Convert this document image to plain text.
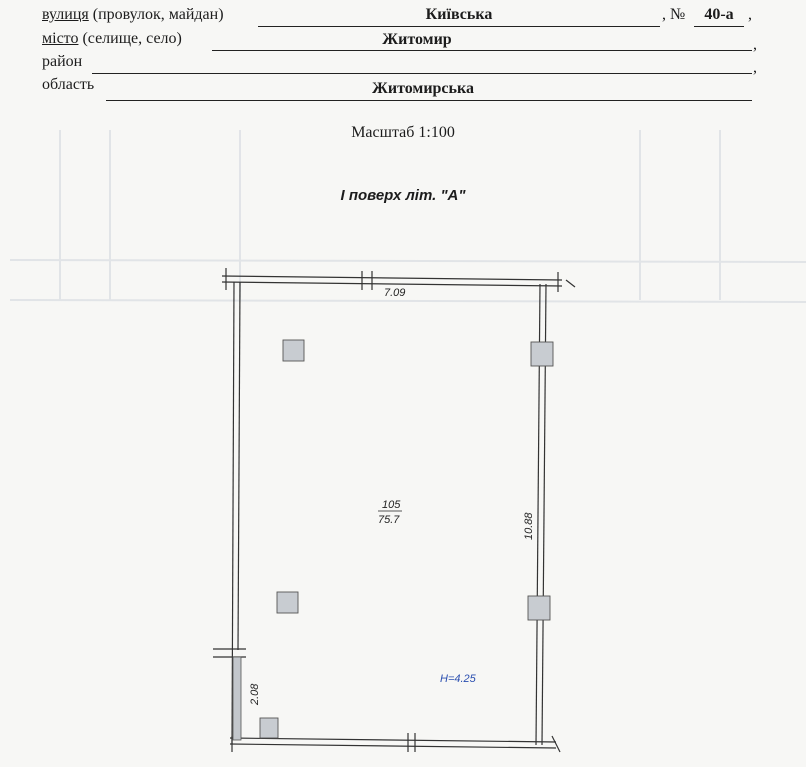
вулиця (провулок, майдан)	Київська	, №	40-а ,
місто (селище, село)	Житомир	,
район	,
область	Житомирська
Масштаб 1:100
І поверх літ. "А"
7.09
10.88
2.08
105
75.7
H=4.25
